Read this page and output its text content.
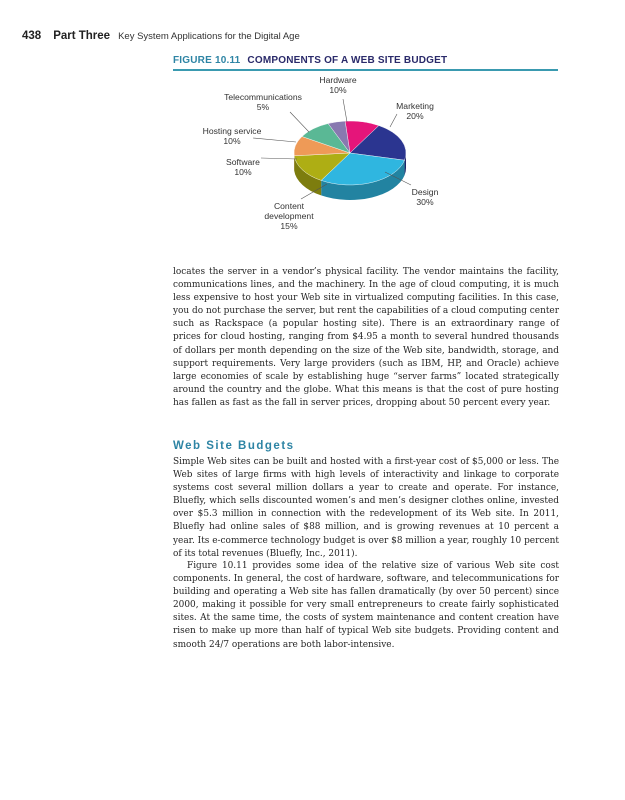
438 Part Three Key System Applications for the Digital Age
FIGURE 10.11 COMPONENTS OF A WEB SITE BUDGET
Hardware
10%
Marketing
20%
Design
30%
Content
development
15%
Software
10%
Hosting service
10%
Telecommunications
5%

locates the server in a vendor’s physical facility. The vendor maintains the facility, communications lines, and the machinery. In the age of cloud computing, it is much less expensive to host your Web site in virtualized computing facilities. In this case, you do not purchase the server, but rent the capabilities of a cloud computing center such as Rackspace (a popular hosting site). There is an extraordinary range of prices for cloud hosting, ranging from $4.95 a month to several hundred thousands of dollars per month depending on the size of the Web site, bandwidth, storage, and support requirements. Very large providers (such as IBM, HP, and Oracle) achieve large economies of scale by establishing huge “server farms” located strategically around the country and the globe. What this means is that the cost of pure hosting has fallen as fast as the fall in server prices, dropping about 50 percent every year.

Web Site Budgets

Simple Web sites can be built and hosted with a first-year cost of $5,000 or less. The Web sites of large firms with high levels of interactivity and linkage to corporate systems cost several million dollars a year to create and operate. For instance, Bluefly, which sells discounted women’s and men’s designer clothes online, invested over $5.3 million in connection with the redevelopment of its Web site. In 2011, Bluefly had online sales of $88 million, and is growing revenues at 10 percent a year. Its e-commerce technology budget is over $8 million a year, roughly 10 percent of its total revenues (Bluefly, Inc., 2011).

Figure 10.11 provides some idea of the relative size of various Web site cost components. In general, the cost of hardware, software, and telecommunications for building and operating a Web site has fallen dramatically (by over 50 percent) since 2000, making it possible for very small entrepreneurs to create fairly sophisticated sites. At the same time, the costs of system maintenance and content creation have risen to make up more than half of typical Web site budgets. Providing content and smooth 24/7 operations are both labor-intensive.
